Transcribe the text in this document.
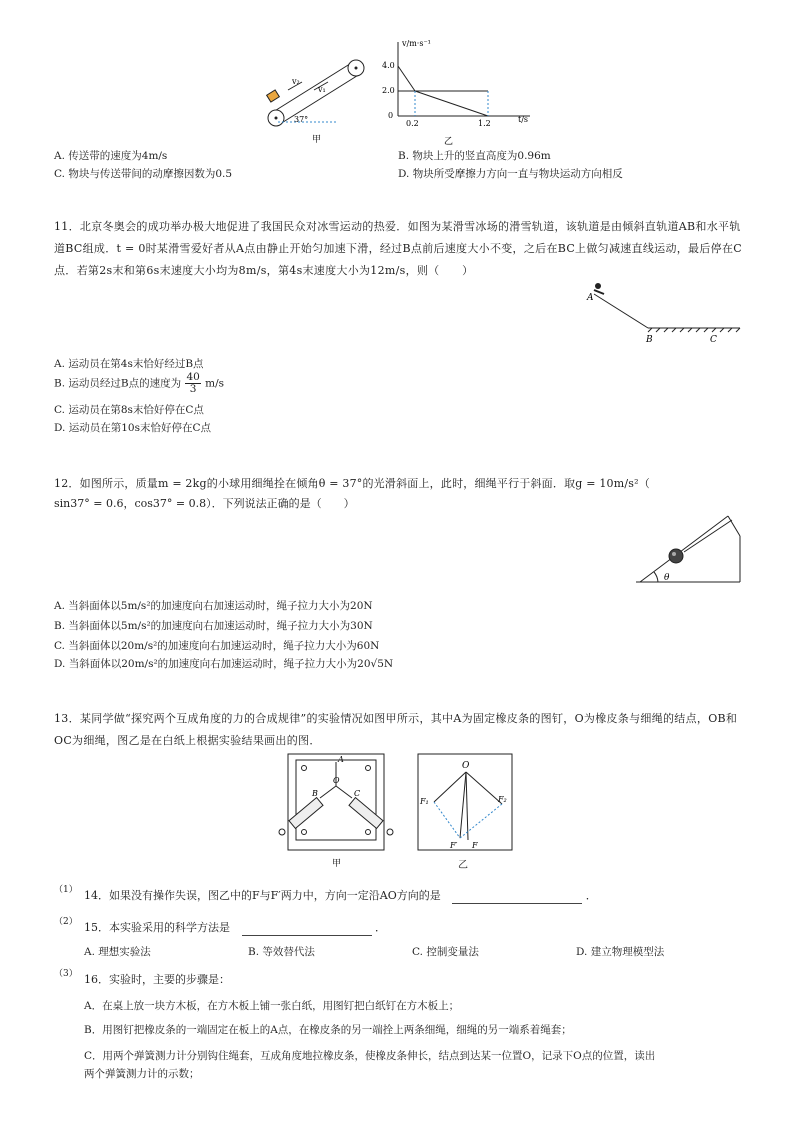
v₂
v₁
37°
甲
v/m·s⁻¹
t/s
4.0
2.0
0
0.2	1.2
乙
A. 传送带的速度为4m/s	B. 物块上升的竖直高度为0.96m
C. 物块与传送带间的动摩擦因数为0.5	D. 物块所受摩擦力方向一直与物块运动方向相反
11．北京冬奥会的成功举办极大地促进了我国民众对冰雪运动的热爱．如图为某滑雪冰场的滑雪轨道，该轨道是由倾斜直轨道AB和水平轨道BC组成．t = 0时某滑雪爱好者从A点由静止开始匀加速下滑，经过B点前后速度大小不变，之后在BC上做匀减速直线运动，最后停在C点．若第2s末和第6s末速度大小均为8m/s，第4s末速度大小为12m/s，则（　　）
A
B	C
A. 运动员在第4s末恰好经过B点
B. 运动员经过B点的速度为 $\frac{40}{3} m/s$
C. 运动员在第8s末恰好停在C点
D. 运动员在第10s末恰好停在C点
12．如图所示，质量m = 2kg的小球用细绳拴在倾角θ = 37°的光滑斜面上，此时，细绳平行于斜面．取g = 10m/s²（
sin37° = 0.6，cos37° = 0.8）．下列说法正确的是（　　）
θ
A. 当斜面体以5m/s²的加速度向右加速运动时，绳子拉力大小为20N
B. 当斜面体以5m/s²的加速度向右加速运动时，绳子拉力大小为30N
C. 当斜面体以20m/s²的加速度向右加速运动时，绳子拉力大小为60N
D. 当斜面体以20m/s²的加速度向右加速运动时，绳子拉力大小为20√5N
13．某同学做“探究两个互成角度的力的合成规律”的实验情况如图甲所示，其中A为固定橡皮条的图钉，O为橡皮条与细绳的结点，OB和OC为细绳，图乙是在白纸上根据实验结果画出的图．
A
B
O
C
甲
O
F₁	F₂
F′ F
乙
（1） 14．如果没有操作失误，图乙中的F与F′两力中，方向一定沿AO方向的是	．
（2） 15．本实验采用的科学方法是	．
A. 理想实验法	B. 等效替代法	C. 控制变量法	D. 建立物理模型法
（3） 16．实验时，主要的步骤是：
A．在桌上放一块方木板，在方木板上铺一张白纸，用图钉把白纸钉在方木板上；
B．用图钉把橡皮条的一端固定在板上的A点，在橡皮条的另一端拴上两条细绳，细绳的另一端系着绳套；
C．用两个弹簧测力计分别钩住绳套，互成角度地拉橡皮条，使橡皮条伸长，结点到达某一位置O，记录下O点的位置，读出
两个弹簧测力计的示数；
